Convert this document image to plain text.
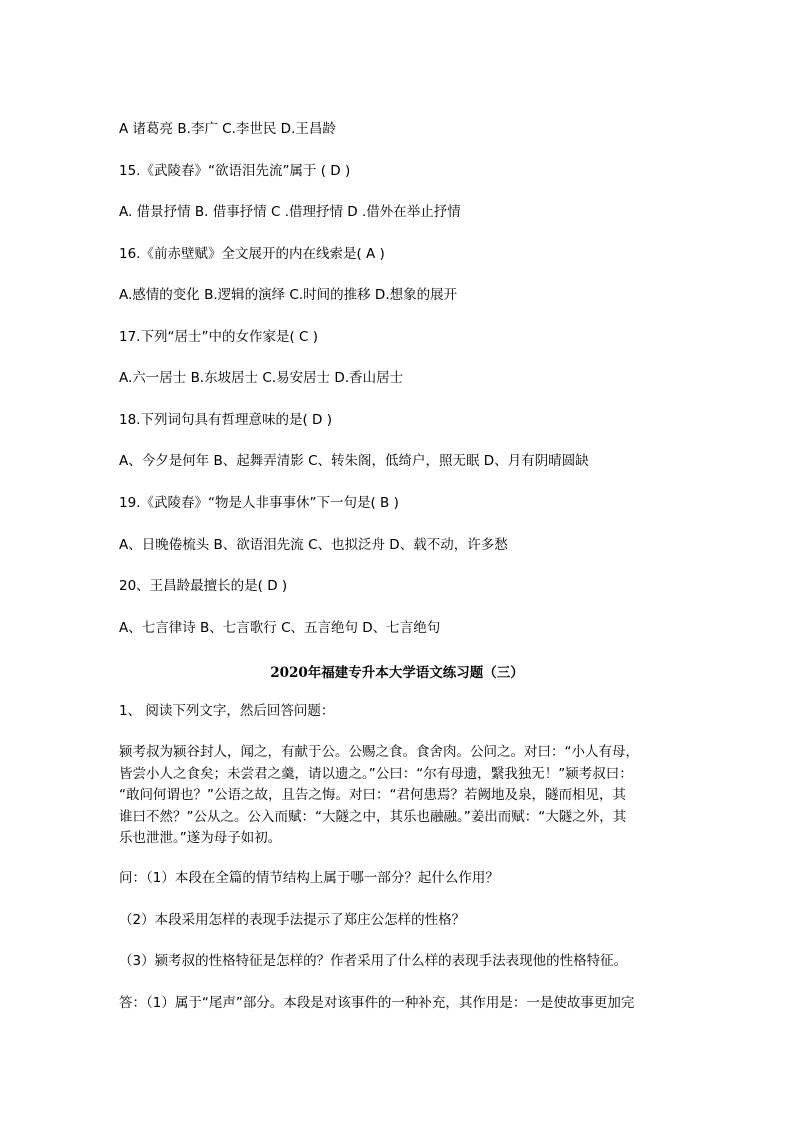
A 诸葛亮 B.李广 C.李世民 D.王昌龄
15.《武陵春》“欲语泪先流”属于 ( D )
A. 借景抒情 B. 借事抒情 C .借理抒情 D .借外在举止抒情
16.《前赤壁赋》全文展开的内在线索是( A )
A.感情的变化 B.逻辑的演绎 C.时间的推移 D.想象的展开
17.下列“居士”中的女作家是( C )
A.六一居士 B.东坡居士 C.易安居士 D.香山居士
18.下列词句具有哲理意味的是( D )
A、今夕是何年 B、起舞弄清影 C、转朱阁，低绮户，照无眠 D、月有阴晴圆缺
19.《武陵春》“物是人非事事休”下一句是( B )
A、日晚倦梳头 B、欲语泪先流 C、也拟泛舟 D、载不动，许多愁
20、王昌龄最擅长的是( D )
A、七言律诗 B、七言歌行 C、五言绝句 D、七言绝句
2020年福建专升本大学语文练习题（三）
1、 阅读下列文字，然后回答问题：

颍考叔为颍谷封人，闻之，有献于公。公赐之食。食舍肉。公问之。对曰：“小人有母，

皆尝小人之食矣；未尝君之羹，请以遗之。”公曰：“尔有母遗，繄我独无！”颍考叔曰：

“敢问何谓也？”公语之故，且告之悔。对曰：“君何患焉？若阙地及泉，隧而相见，其

谁曰不然？”公从之。公入而赋：“大隧之中，其乐也融融。”姜出而赋：“大隧之外，其

乐也泄泄。”遂为母子如初。

问：（1）本段在全篇的情节结构上属于哪一部分？起什么作用？
（2）本段采用怎样的表现手法提示了郑庄公怎样的性格？
（3）颍考叔的性格特征是怎样的？作者采用了什么样的表现手法表现他的性格特征。
答：（1）属于“尾声”部分。本段是对该事件的一种补充，其作用是：一是使故事更加完
